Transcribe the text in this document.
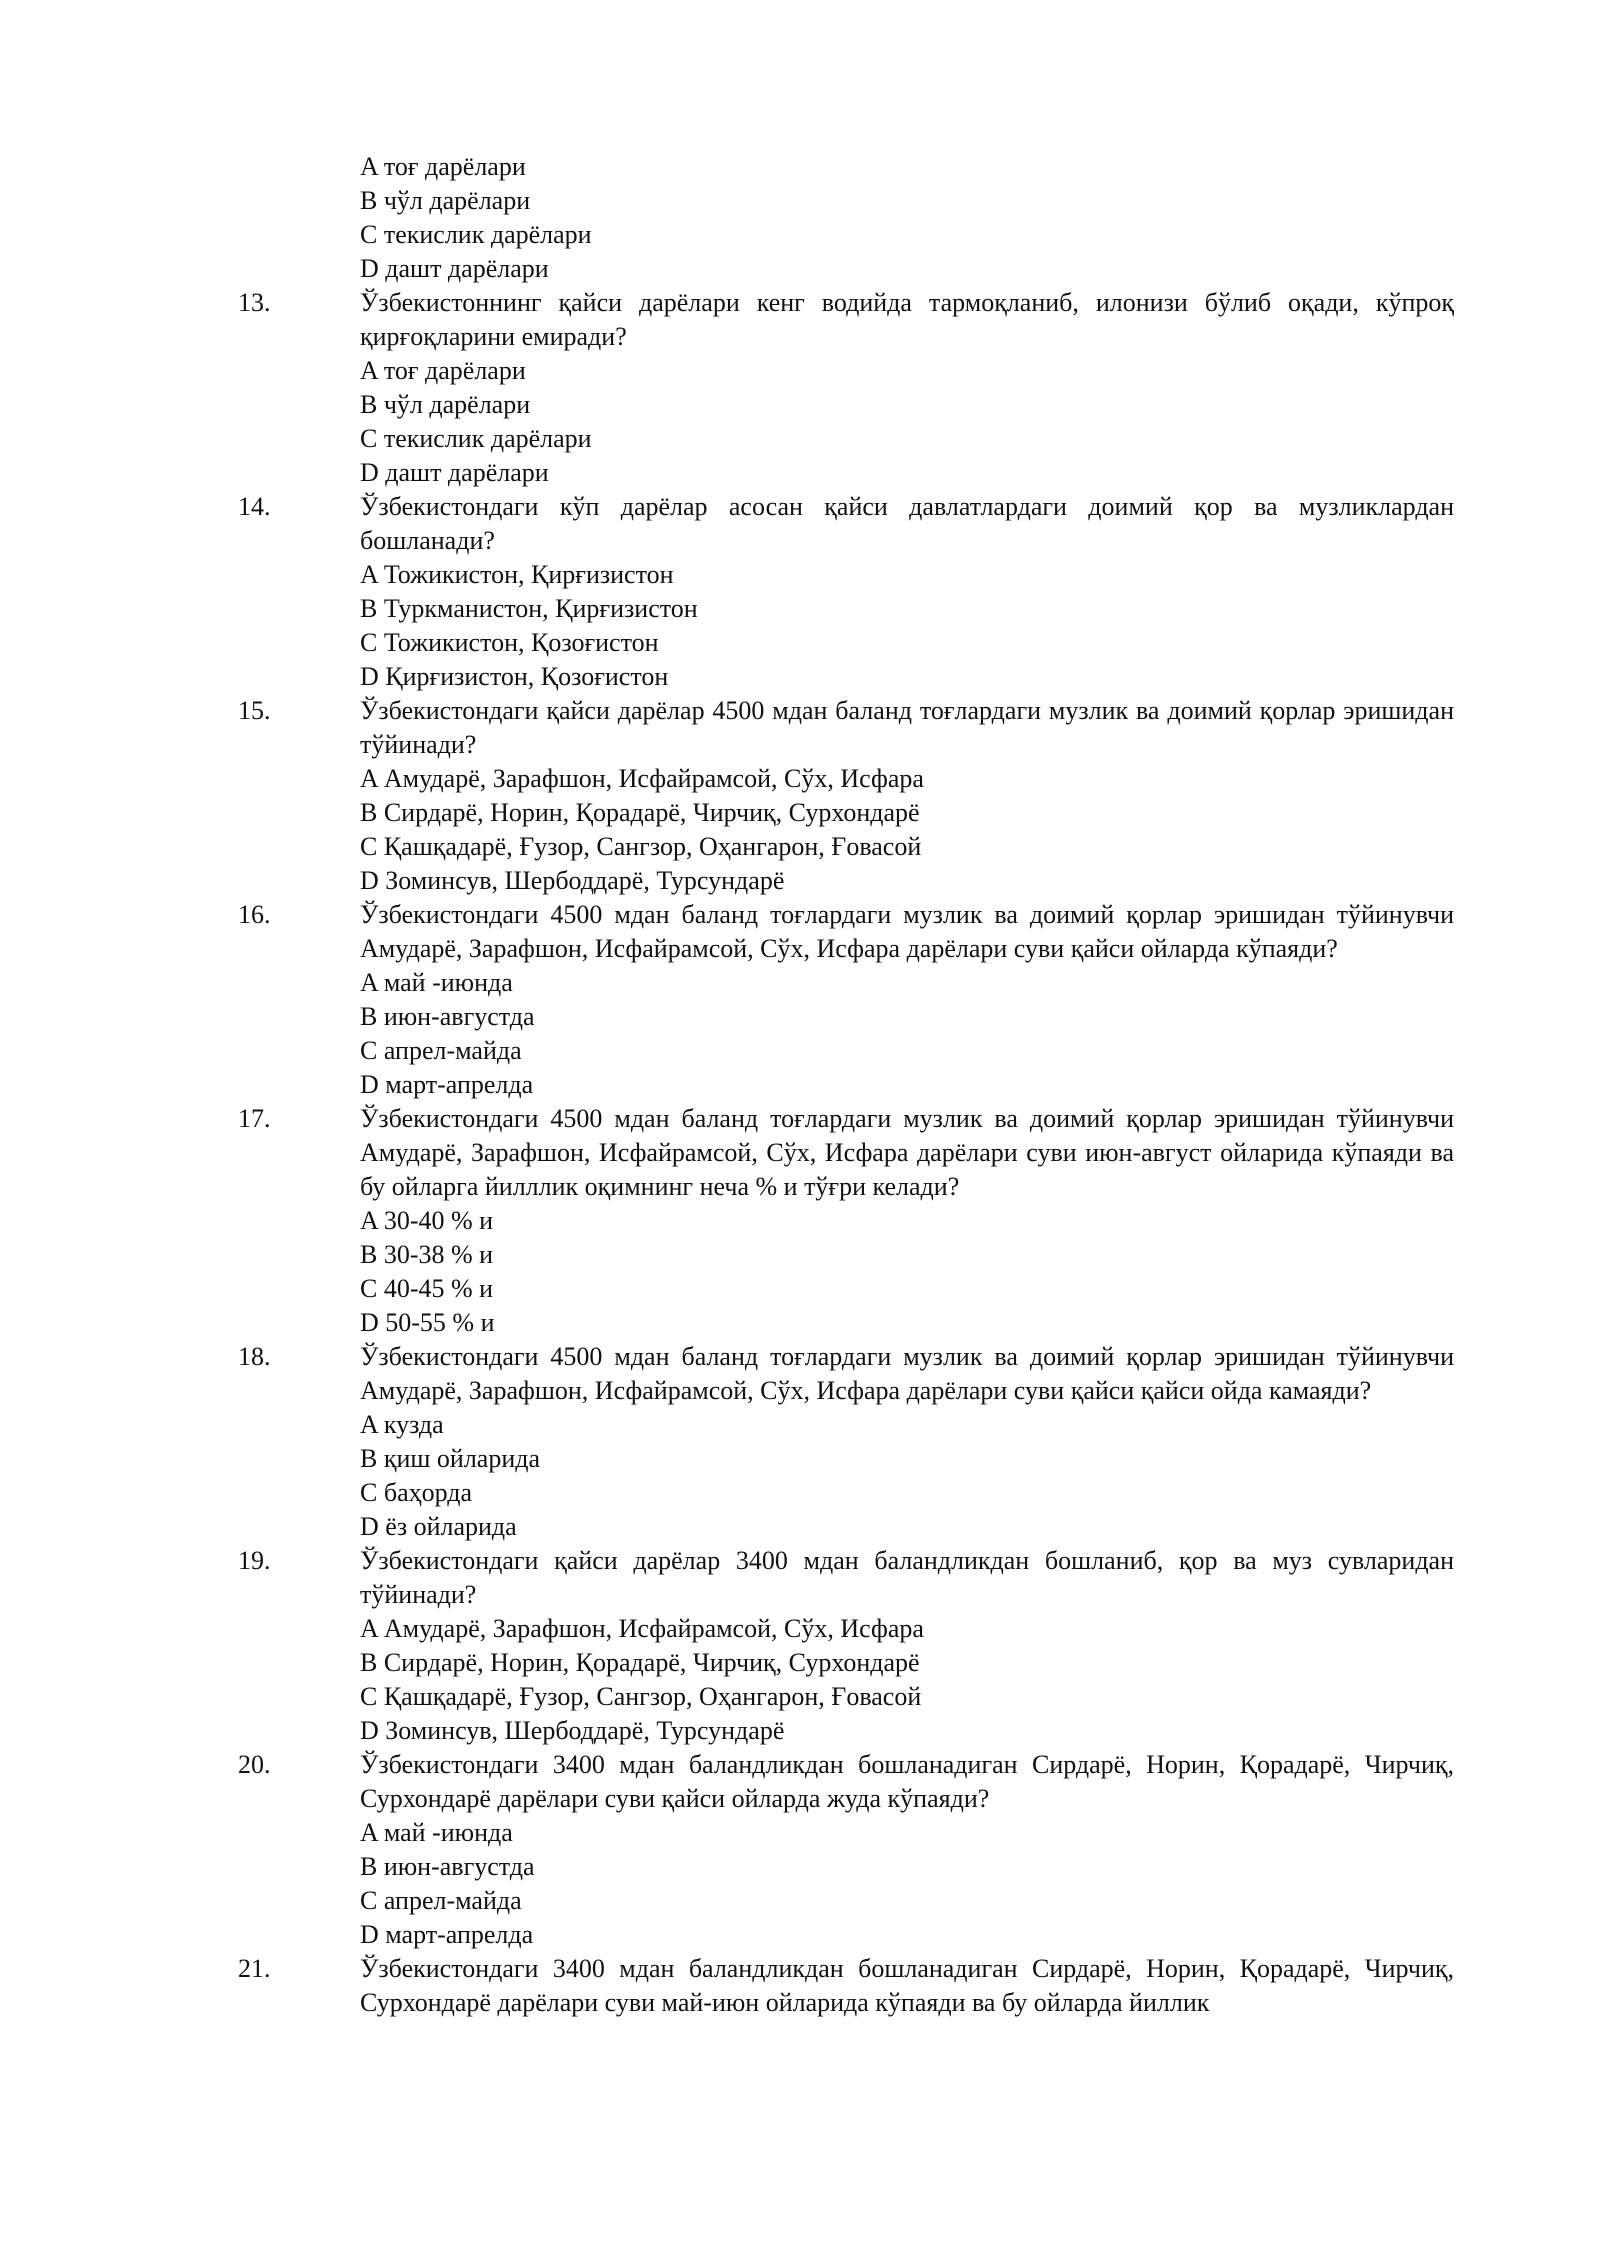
A тоғ дарёлари
B чўл дарёлари
C текислик дарёлари
D дашт дарёлари
13.	Ўзбекистоннинг қайси дарёлари кенг водийда тармоқланиб, илонизи бўлиб оқади, кўпроқ қирғоқларини емиради?
A тоғ дарёлари
B чўл дарёлари
C текислик дарёлари
D дашт дарёлари
14.	Ўзбекистондаги кўп дарёлар асосан қайси давлатлардаги доимий қор ва музликлардан бошланади?
A Тожикистон, Қирғизистон
B Туркманистон, Қирғизистон
C Тожикистон, Қозоғистон
D Қирғизистон, Қозоғистон
15.	Ўзбекистондаги қайси дарёлар 4500 мдан баланд тоғлардаги музлик ва доимий қорлар эришидан тўйинади?
A Амударё, Зарафшон, Исфайрамсой, Сўх, Исфара
B Сирдарё, Норин, Қорадарё, Чирчиқ, Сурхондарё
C Қашқадарё, Ғузор, Сангзор, Оҳангарон, Ғовасой
D Зоминсув, Шербоддарё, Турсундарё
16.	Ўзбекистондаги 4500 мдан баланд тоғлардаги музлик ва доимий қорлар эришидан тўйинувчи Амударё, Зарафшон, Исфайрамсой, Сўх, Исфара дарёлари суви қайси ойларда кўпаяди?
A май -июнда
B июн-августда
C апрел-майда
D март-апрелда
17.	Ўзбекистондаги 4500 мдан баланд тоғлардаги музлик ва доимий қорлар эришидан тўйинувчи Амударё, Зарафшон, Исфайрамсой, Сўх, Исфара дарёлари суви июн-август ойларида кўпаяди ва бу ойларга йилллик оқимнинг неча % и тўғри келади?
A 30-40 % и
B 30-38 % и
C 40-45 % и
D 50-55 % и
18.	Ўзбекистондаги 4500 мдан баланд тоғлардаги музлик ва доимий қорлар эришидан тўйинувчи Амударё, Зарафшон, Исфайрамсой, Сўх, Исфара дарёлари суви қайси қайси ойда камаяди?
A кузда
B қиш ойларида
C баҳорда
D ёз ойларида
19.	Ўзбекистондаги қайси дарёлар 3400 мдан баландликдан бошланиб, қор ва муз сувларидан тўйинади?
A Амударё, Зарафшон, Исфайрамсой, Сўх, Исфара
B Сирдарё, Норин, Қорадарё, Чирчиқ, Сурхондарё
C Қашқадарё, Ғузор, Сангзор, Оҳангарон, Ғовасой
D Зоминсув, Шербоддарё, Турсундарё
20.	Ўзбекистондаги 3400 мдан баландликдан бошланадиган Сирдарё, Норин, Қорадарё, Чирчиқ, Сурхондарё дарёлари суви қайси ойларда жуда кўпаяди?
A май -июнда
B июн-августда
C апрел-майда
D март-апрелда
21.	Ўзбекистондаги 3400 мдан баландликдан бошланадиган Сирдарё, Норин, Қорадарё, Чирчиқ, Сурхондарё дарёлари суви май-июн ойларида кўпаяди ва бу ойларда йиллик
